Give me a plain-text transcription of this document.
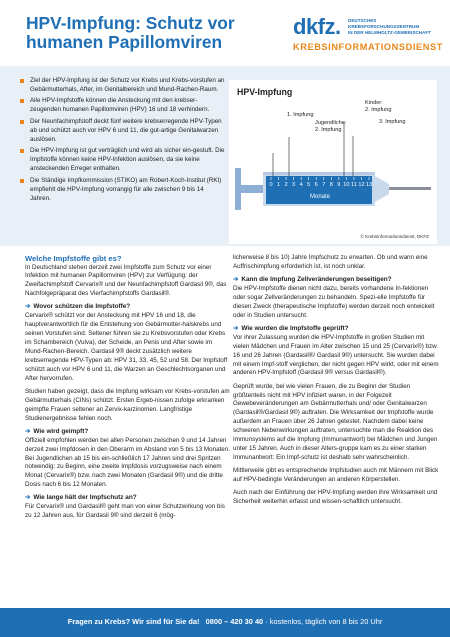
HPV-Impfung: Schutz vor
humanen Papillomviren
dkfz. DEUTSCHES
KREBSFORSCHUNGSZENTRUM
IN DER HELMHOLTZ-GEMEINSCHAFT
KREBSINFORMATIONSDIENST
Ziel der HPV-Impfung ist der Schutz vor Krebs und Krebs-vorstufen an Gebärmutterhals, After, im Genitalbereich und Mund-Rachen-Raum.
Alle HPV-Impfstoffe können die Ansteckung mit den krebser-zeugenden humanen Papillomviren (HPV) 16 und 18 verhindern.
Der Neunfachimpfstoff deckt fünf weitere krebserregende HPV-Typen ab und schützt auch vor HPV 6 und 11, die gut-artige Genitalwarzen auslösen.
Die HPV-Impfung ist gut verträglich und wird als sicher ein-gestuft. Die Impfstoffe können keine HPV-Infektion auslösen, da sie keine ansteckenden Erreger enthalten.
Die Ständige Impfkommission (STIKO) am Robert-Koch-Institut (RKI) empfiehlt die HPV-Impfung vorrangig für alle zwischen 9 bis 14 Jahren.
HPV-Impfung
1. Impfung
Jugendliche:
2. Impfung
Kinder:
2. Impfung
3. Impfung
0 1 2 3 4 5 6 7 8 9 10 11 12 13
Monate
© Krebsinformationsdienst, DKFZ
Welche Impfstoffe gibt es?
In Deutschland stehen derzeit zwei Impfstoffe zum Schutz vor einer Infektion mit humanen Papillomviren (HPV) zur Verfügung: der Zweifachimpfstoff Cervarix® und der Neunfachimpfstoff Gardasil 9®, das Nachfolgepräparat des Vierfachimpfstoffs Gardasil®.
➔ Wovor schützen die Impfstoffe?
Cervarix® schützt vor der Ansteckung mit HPV 16 und 18, die hauptverantwortlich für die Entstehung von Gebärmutter-halskrebs und seinen Vorstufen sind. Seltener führen sie zu Krebsvorstufen oder Krebs im Schambereich (Vulva), der Scheide, an Penis und After sowie im Mund-Rachen-Bereich. Gardasil 9® deckt zusätzlich weitere krebserregende HPV-Typen ab: HPV 31, 33, 45, 52 und 58. Der Impfstoff schützt auch vor HPV 6 und 11, die Warzen an Geschlechtsorganen und After hervorrufen.
Studien haben gezeigt, dass die Impfung wirksam vor Krebs-vorstufen am Gebärmutterhals (CINs) schützt. Ersten Ergeb-nissen zufolge erkranken geimpfte Frauen seltener an Zervix-karzinomen. Langfristige Studienergebnisse fehlen noch.
➔ Wie wird geimpft?
Offiziell empfohlen werden bei allen Personen zwischen 9 und 14 Jahren derzeit zwei Impfdosen in den Oberarm im Abstand von 5 bis 13 Monaten. Bei Jugendlichen ab 15 bis ein-schließlich 17 Jahren sind drei Spritzen notwendig: zu Beginn, eine zweite Impfdosis vorzugsweise nach einem Monat (Cervarix®) bzw. nach zwei Monaten (Gardasil 9®) und die dritte Dosis nach 6 bis 12 Monaten.
➔ Wie lange hält der Impfschutz an?
Für Cervarix® und Gardasil® geht man von einer Schutzwirkung von bis zu 12 Jahren aus, für Gardasil 9® sind derzeit 6 (mög-
licherweise 8 bis 10) Jahre Impfschutz zu erwarten. Ob und wann eine Auffrischimpfung erforderlich ist, ist noch unklar.
➔ Kann die Impfung Zellveränderungen beseitigen?
Die HPV-Impfstoffe dienen nicht dazu, bereits vorhandene In-fektionen oder sogar Zellveränderungen zu behandeln. Spezi-elle Impfstoffe für diesen Zweck (therapeutische Impfstoffe) werden derzeit noch entwickelt oder in Studien untersucht.
➔ Wie wurden die Impfstoffe geprüft?
Vor ihrer Zulassung wurden die HPV-Impfstoffe in großen Studien mit vielen Mädchen und Frauen im Alter zwischen 15 und 25 (Cervarix®) bzw. 16 und 26 Jahren (Gardasil®/ Gardasil 9®) untersucht. Sie wurden dabei mit einem Impf-stoff verglichen, der nicht gegen HPV wirkt, oder mit einem anderen HPV-Impfstoff (Gardasil 9® versus Gardasil®).
Geprüft wurde, bei wie vielen Frauen, die zu Beginn der Studien größtenteils nicht mit HPV infiziert waren, in der Folgezeit Gewebeveränderungen am Gebärmutterhals und/ oder Genitalwarzen (Gardasil®/Gardasil 9®) auftraten. Die Wirksamkeit der Impfstoffe wurde außerdem an Frauen über 26 Jahren getestet. Nachdem dabei keine schweren Nebenwirkungen auftraten, untersuchte man die Reaktion des Immunsystems auf die Impfung (Immunantwort) bei Mädchen und Jungen unter 15 Jahren. Auch in dieser Alters-gruppe kam es zu einer starken Immunantwort: Ein Impf-schutz ist deshalb sehr wahrscheinlich.
Mittlerweile gibt es entsprechende Impfstudien auch mit Männern mit Blick auf HPV-bedingte Veränderungen an anderen Körperstellen.
Auch nach der Einführung der HPV-Impfung werden ihre Wirksamkeit und Sicherheit weiterhin erfasst und wissen-schaftlich untersucht.
Fragen zu Krebs? Wir sind für Sie da! 0800 – 420 30 40 · kostenlos, täglich von 8 bis 20 Uhr
